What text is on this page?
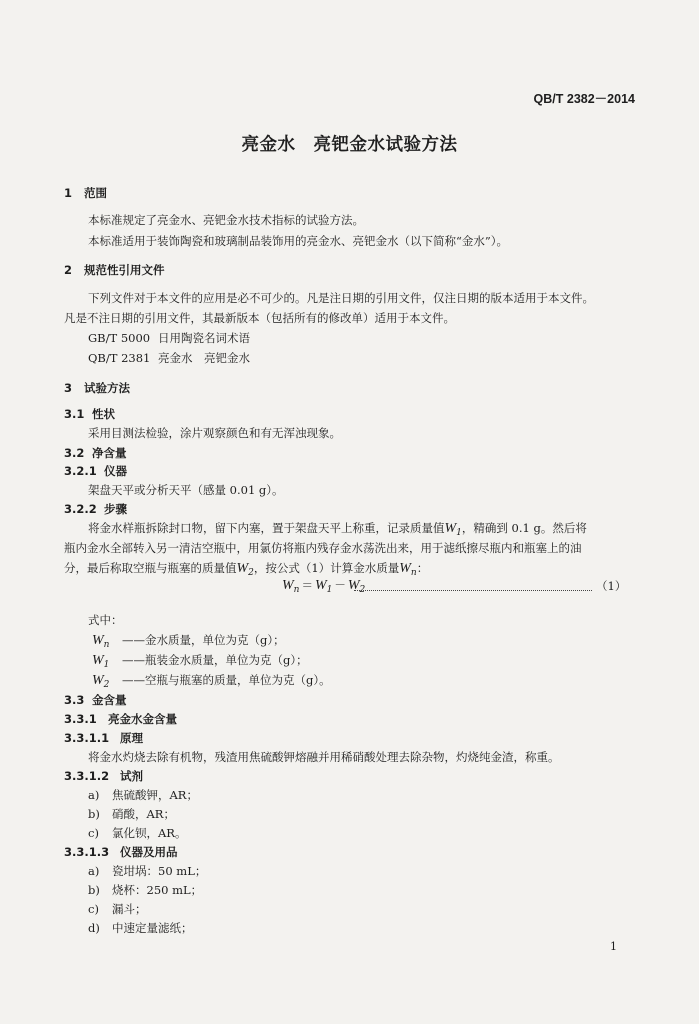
QB/T 2382－2014
亮金水　亮钯金水试验方法
1 范围
本标准规定了亮金水、亮钯金水技术指标的试验方法。
本标准适用于装饰陶瓷和玻璃制品装饰用的亮金水、亮钯金水（以下简称“金水”）。
2 规范性引用文件
下列文件对于本文件的应用是必不可少的。凡是注日期的引用文件，仅注日期的版本适用于本文件。
凡是不注日期的引用文件，其最新版本（包括所有的修改单）适用于本文件。
GB/T 5000 日用陶瓷名词术语
QB/T 2381 亮金水　亮钯金水
3 试验方法
3.1 性状
采用目测法检验，涂片观察颜色和有无浑浊现象。
3.2 净含量
3.2.1 仪器
架盘天平或分析天平（感量 0.01 g）。
3.2.2 步骤
将金水样瓶拆除封口物，留下内塞，置于架盘天平上称重，记录质量值$W_1$，精确到 0.1 g。然后将
瓶内金水全部转入另一清洁空瓶中，用氯仿将瓶内残存金水荡洗出来，用于滤纸擦尽瓶内和瓶塞上的油
分，最后称取空瓶与瓶塞的质量值$W_2$，按公式（1）计算金水质量$W_n$：
$W_n = W_1 - W_2$	（1）
式中：
$W_n$ ——金水质量，单位为克（g）；
$W_1$ ——瓶装金水质量，单位为克（g）；
$W_2$ ——空瓶与瓶塞的质量，单位为克（g）。
3.3 金含量
3.3.1 亮金水金含量
3.3.1.1 原理
将金水灼烧去除有机物，残渣用焦硫酸钾熔融并用稀硝酸处理去除杂物，灼烧纯金渣，称重。
3.3.1.2 试剂
a) 焦硫酸钾，AR；
b) 硝酸，AR；
c) 氯化钡，AR。
3.3.1.3 仪器及用品
a) 瓷坩埚：50 mL；
b) 烧杯：250 mL；
c) 漏斗；
d) 中速定量滤纸；
1
